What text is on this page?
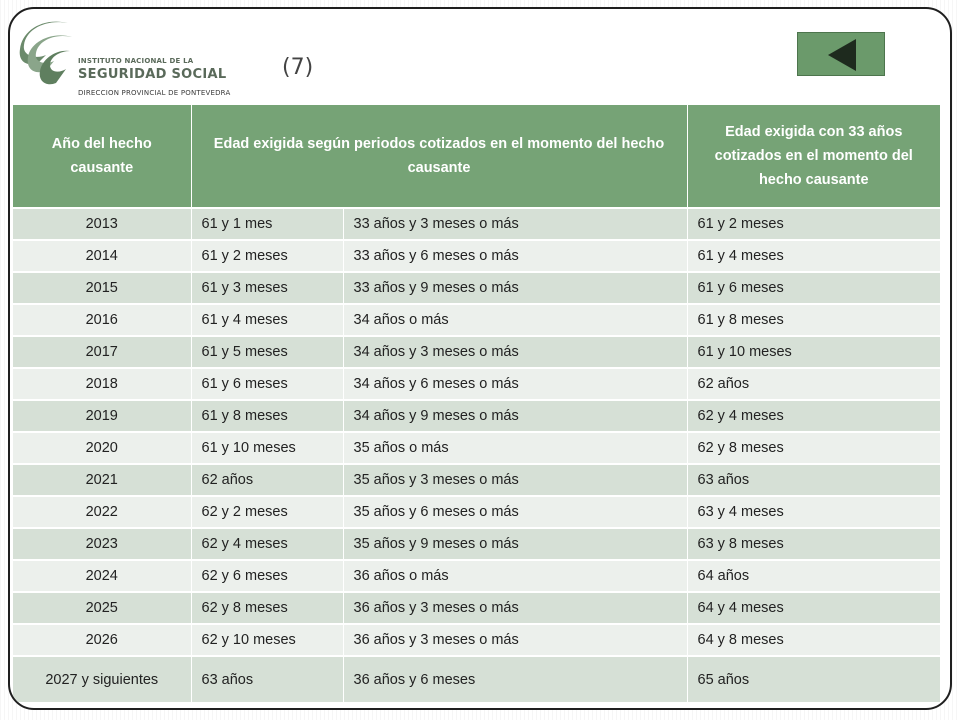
INSTITUTO NACIONAL DE LA
SEGURIDAD SOCIAL
DIRECCION PROVINCIAL DE PONTEVEDRA
(7)
Año del hecho causante	Edad exigida según periodos cotizados en el momento del hecho causante		Edad exigida con 33 años cotizados en el momento del hecho causante
2013	61 y 1 mes	33 años y 3 meses o más	61 y 2 meses
2014	61 y 2 meses	33 años y 6 meses o más	61 y 4 meses
2015	61 y 3 meses	33 años y 9 meses o más	61 y 6 meses
2016	61 y 4 meses	34 años o más	61 y 8 meses
2017	61 y 5 meses	34 años y 3 meses o más	61 y 10 meses
2018	61 y 6 meses	34 años y 6 meses o más	62 años
2019	61 y 8 meses	34 años y 9 meses o más	62 y 4 meses
2020	61 y 10 meses	35 años o más	62 y 8 meses
2021	62 años	35 años y 3 meses o más	63 años
2022	62 y 2 meses	35 años y 6 meses o más	63 y 4 meses
2023	62 y 4 meses	35 años y 9 meses o más	63 y 8 meses
2024	62 y 6 meses	36 años o más	64 años
2025	62 y 8 meses	36 años y 3 meses o más	64 y 4 meses
2026	62 y 10 meses	36 años y 3 meses o más	64 y 8 meses
2027 y siguientes	63 años	36 años y 6 meses	65 años
